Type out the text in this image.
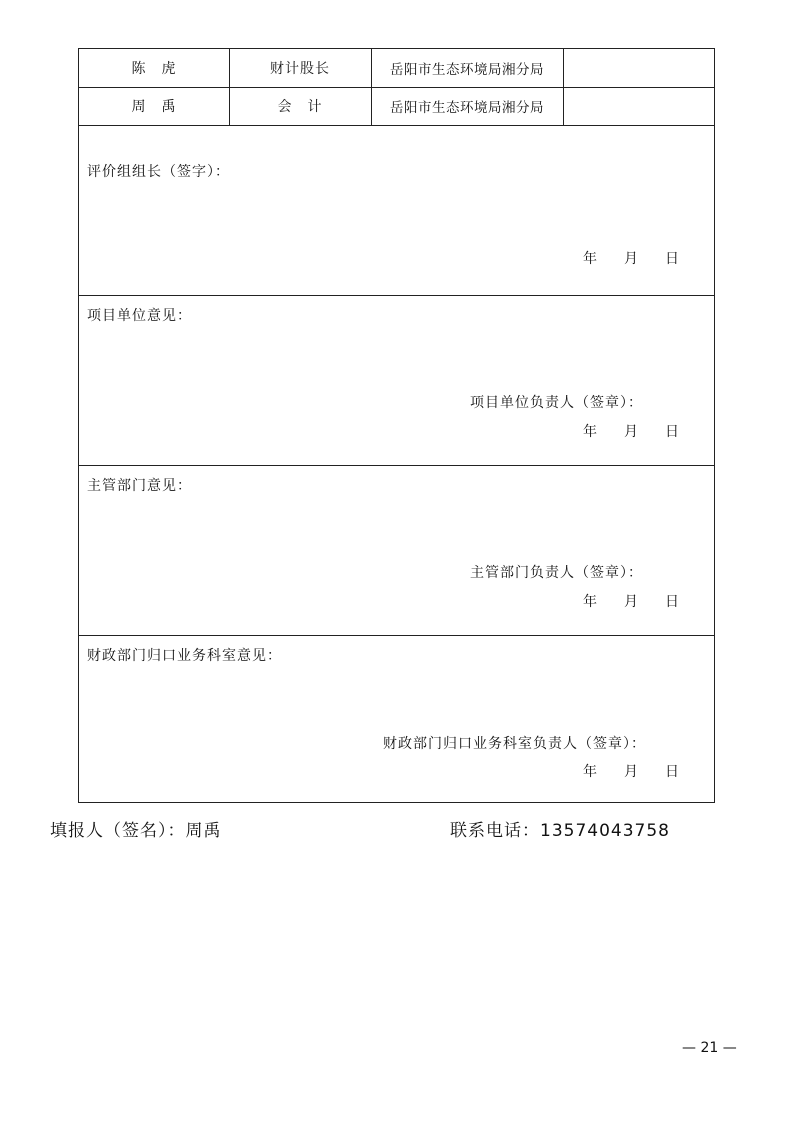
陈　虎	财计股长	岳阳市生态环境局湘分局
周　禹	会　计	岳阳市生态环境局湘分局
评价组组长（签字）：
年 月 日
项目单位意见：
项目单位负责人（签章）：
年 月 日
主管部门意见：
主管部门负责人（签章）：
年 月 日
财政部门归口业务科室意见：
财政部门归口业务科室负责人（签章）：
年 月 日
填报人（签名）：周禹	联系电话：13574043758
— 21 —
